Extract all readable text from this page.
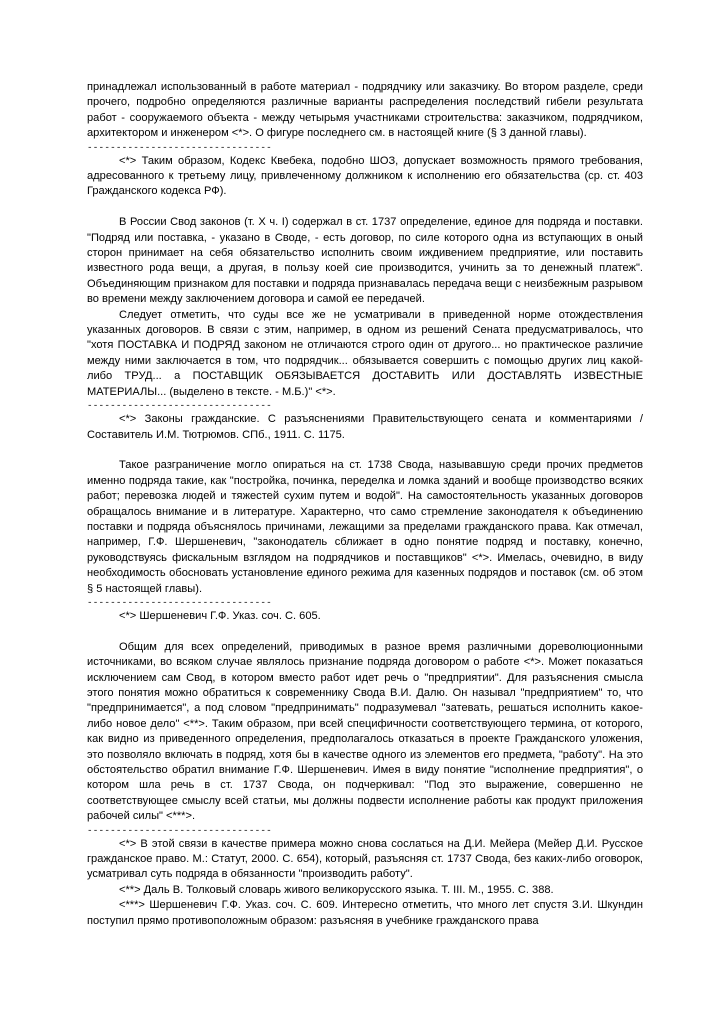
принадлежал использованный в работе материал - подрядчику или заказчику. Во втором разделе, среди прочего, подробно определяются различные варианты распределения последствий гибели результата работ - сооружаемого объекта - между четырьмя участниками строительства: заказчиком, подрядчиком, архитектором и инженером <*>. О фигуре последнего см. в настоящей книге (§ 3 данной главы).

--------------------------------

<*> Таким образом, Кодекс Квебека, подобно ШОЗ, допускает возможность прямого требования, адресованного к третьему лицу, привлеченному должником к исполнению его обязательства (ср. ст. 403 Гражданского кодекса РФ).

В России Свод законов (т. X ч. I) содержал в ст. 1737 определение, единое для подряда и поставки. "Подряд или поставка, - указано в Своде, - есть договор, по силе которого одна из вступающих в оный сторон принимает на себя обязательство исполнить своим иждивением предприятие, или поставить известного рода вещи, а другая, в пользу коей сие производится, учинить за то денежный платеж". Объединяющим признаком для поставки и подряда признавалась передача вещи с неизбежным разрывом во времени между заключением договора и самой ее передачей.

Следует отметить, что суды все же не усматривали в приведенной норме отождествления указанных договоров. В связи с этим, например, в одном из решений Сената предусматривалось, что "хотя ПОСТАВКА И ПОДРЯД законом не отличаются строго один от другого... но практическое различие между ними заключается в том, что подрядчик... обязывается совершить с помощью других лиц какой-либо ТРУД... а ПОСТАВЩИК ОБЯЗЫВАЕТСЯ ДОСТАВИТЬ ИЛИ ДОСТАВЛЯТЬ ИЗВЕСТНЫЕ МАТЕРИАЛЫ... (выделено в тексте. - М.Б.)" <*>.

--------------------------------

<*> Законы гражданские. С разъяснениями Правительствующего сената и комментариями / Составитель И.М. Тютрюмов. СПб., 1911. С. 1175.

Такое разграничение могло опираться на ст. 1738 Свода, называвшую среди прочих предметов именно подряда такие, как "постройка, починка, переделка и ломка зданий и вообще производство всяких работ; перевозка людей и тяжестей сухим путем и водой". На самостоятельность указанных договоров обращалось внимание и в литературе. Характерно, что само стремление законодателя к объединению поставки и подряда объяснялось причинами, лежащими за пределами гражданского права. Как отмечал, например, Г.Ф. Шершеневич, "законодатель сближает в одно понятие подряд и поставку, конечно, руководствуясь фискальным взглядом на подрядчиков и поставщиков" <*>. Имелась, очевидно, в виду необходимость обосновать установление единого режима для казенных подрядов и поставок (см. об этом § 5 настоящей главы).

--------------------------------

<*> Шершеневич Г.Ф. Указ. соч. С. 605.

Общим для всех определений, приводимых в разное время различными дореволюционными источниками, во всяком случае являлось признание подряда договором о работе <*>. Может показаться исключением сам Свод, в котором вместо работ идет речь о "предприятии". Для разъяснения смысла этого понятия можно обратиться к современнику Свода В.И. Далю. Он называл "предприятием" то, что "предпринимается", а под словом "предпринимать" подразумевал "затевать, решаться исполнить какое-либо новое дело" <**>. Таким образом, при всей специфичности соответствующего термина, от которого, как видно из приведенного определения, предполагалось отказаться в проекте Гражданского уложения, это позволяло включать в подряд, хотя бы в качестве одного из элементов его предмета, "работу". На это обстоятельство обратил внимание Г.Ф. Шершеневич. Имея в виду понятие "исполнение предприятия", о котором шла речь в ст. 1737 Свода, он подчеркивал: "Под это выражение, совершенно не соответствующее смыслу всей статьи, мы должны подвести исполнение работы как продукт приложения рабочей силы" <***>.

--------------------------------

<*> В этой связи в качестве примера можно снова сослаться на Д.И. Мейера (Мейер Д.И. Русское гражданское право. М.: Статут, 2000. С. 654), который, разъясняя ст. 1737 Свода, без каких-либо оговорок, усматривал суть подряда в обязанности "производить работу".

<**> Даль В. Толковый словарь живого великорусского языка. Т. III. М., 1955. С. 388.

<***> Шершеневич Г.Ф. Указ. соч. С. 609. Интересно отметить, что много лет спустя З.И. Шкундин поступил прямо противоположным образом: разъясняя в учебнике гражданского права
